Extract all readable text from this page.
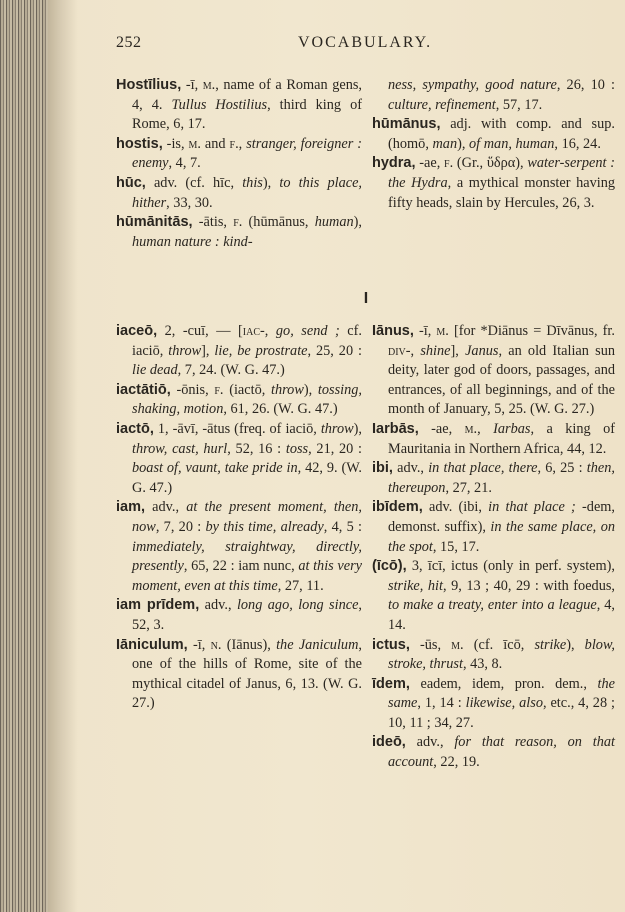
252	VOCABULARY.
Hostīlius, -ī, m., name of a Roman gens, 4, 4. Tullus Hostilius, third king of Rome, 6, 17.
hostis, -is, m. and f., stranger, foreigner : enemy, 4, 7.
hūc, adv. (cf. hīc, this), to this place, hither, 33, 30.
hūmānitās, -ātis, f. (hūmānus, human), human nature : kind-
ness, sympathy, good nature, 26, 10 : culture, refinement, 57, 17.
hūmānus, adj. with comp. and sup. (homō, man), of man, human, 16, 24.
hydra, -ae, f. (Gr., ὕδρα), water-serpent : the Hydra, a mythical monster having fifty heads, slain by Hercules, 26, 3.
I
iaceō, 2, -cuī, — [iac-, go, send ; cf. iaciō, throw], lie, be prostrate, 25, 20 : lie dead, 7, 24. (W. G. 47.)
iactātiō, -ōnis, f. (iactō, throw), tossing, shaking, motion, 61, 26. (W. G. 47.)
iactō, 1, -āvī, -ātus (freq. of iaciō, throw), throw, cast, hurl, 52, 16 : toss, 21, 20 : boast of, vaunt, take pride in, 42, 9. (W. G. 47.)
iam, adv., at the present moment, then, now, 7, 20 : by this time, already, 4, 5 : immediately, straightway, directly, presently, 65, 22 : iam nunc, at this very moment, even at this time, 27, 11.
iam prīdem, adv., long ago, long since, 52, 3.
Iāniculum, -ī, n. (Iānus), the Janiculum, one of the hills of Rome, site of the mythical citadel of Janus, 6, 13. (W. G. 27.)
Iānus, -ī, m. [for *Diānus = Dīvānus, fr. div-, shine], Janus, an old Italian sun deity, later god of doors, passages, and entrances, of all beginnings, and of the month of January, 5, 25. (W. G. 27.)
Iarbās, -ae, m., Iarbas, a king of Mauritania in Northern Africa, 44, 12.
ibi, adv., in that place, there, 6, 25 : then, thereupon, 27, 21.
ibīdem, adv. (ibi, in that place ; -dem, demonst. suffix), in the same place, on the spot, 15, 17.
(īcō), 3, īcī, ictus (only in perf. system), strike, hit, 9, 13 ; 40, 29 : with foedus, to make a treaty, enter into a league, 4, 14.
ictus, -ūs, m. (cf. īcō, strike), blow, stroke, thrust, 43, 8.
īdem, eadem, idem, pron. dem., the same, 1, 14 : likewise, also, etc., 4, 28 ; 10, 11 ; 34, 27.
ideō, adv., for that reason, on that account, 22, 19.
